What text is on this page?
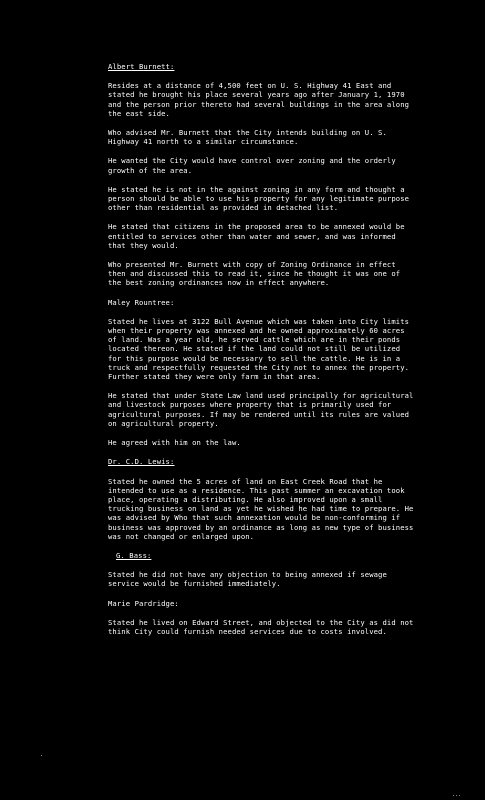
Albert Burnett:

Resides at a distance of 4,500 feet on U. S. Highway 41 East and stated he brought his place several years ago after January 1, 1970 and the person prior thereto had several buildings in the area along the east side.

Who advised Mr. Burnett that the City intends building on U. S. Highway 41 north to a similar circumstance.

He wanted the City would have control over zoning and the orderly growth of the area.

He stated he is not in the against zoning in any form and thought a person should be able to use his property for any legitimate purpose other than residential as provided in detached list.

He stated that citizens in the proposed area to be annexed would be entitled to services other than water and sewer, and was informed that they would.

Who presented Mr. Burnett with copy of Zoning Ordinance in effect then and discussed this to read it, since he thought it was one of the best zoning ordinances now in effect anywhere.

Maley Rountree:

Stated he lives at 3122 Bull Avenue which was taken into City limits when their property was annexed and he owned approximately 60 acres of land. Was a year old, he served cattle which are in their ponds located thereon. He stated if the land could not still be utilized for this purpose would be necessary to sell the cattle. He is in a truck and respectfully requested the City not to annex the property. Further stated they were only farm in that area.

He stated that under State Law land used principally for agricultural and livestock purposes where property that is primarily used for agricultural purposes. If may be rendered until its rules are valued on agricultural property.

He agreed with him on the law.

Dr. C.D. Lewis:

Stated he owned the 5 acres of land on East Creek Road that he intended to use as a residence. This past summer an excavation took place, operating a distributing. He also improved upon a small trucking business on land as yet he wished he had time to prepare. He was advised by Who that such annexation would be non-conforming if business was approved by an ordinance as long as new type of business was not changed or enlarged upon.

G. Bass:

Stated he did not have any objection to being annexed if sewage service would be furnished immediately.

Marie Pardridge:

Stated he lived on Edward Street, and objected to the City as did not think City could furnish needed services due to costs involved.

.
...
